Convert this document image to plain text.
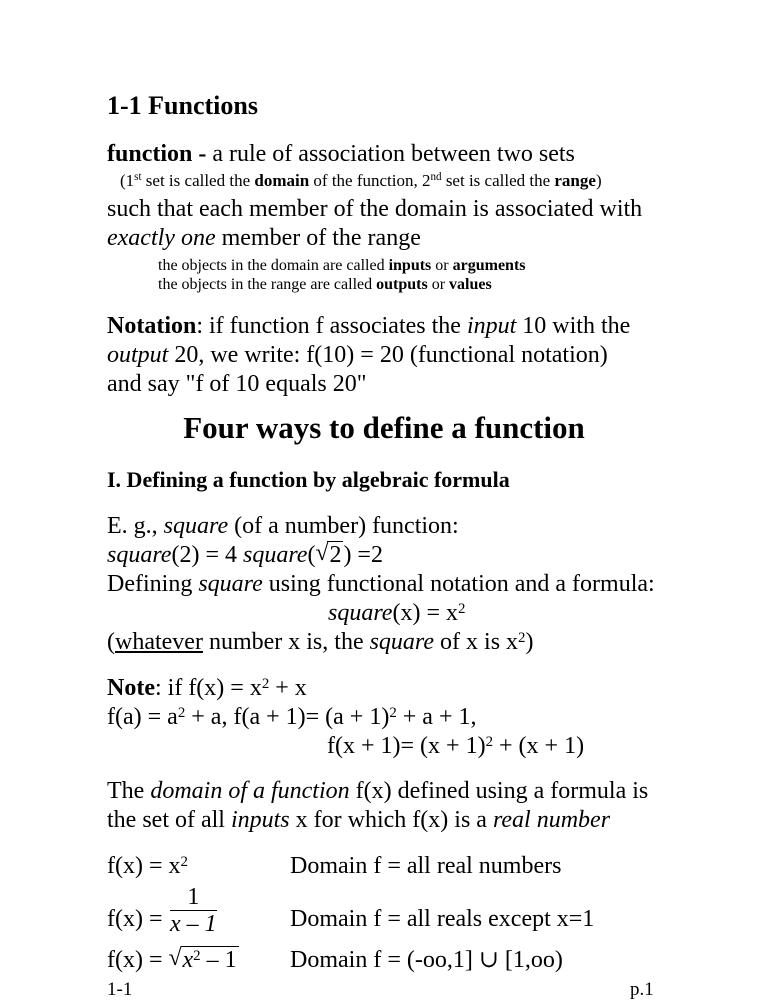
1-1 Functions
function - a rule of association between two sets
(1st set is called the domain of the function, 2nd set is called the range)
such that each member of the domain is associated with
exactly one member of the range
the objects in the domain are called inputs or arguments
the objects in the range are called outputs or values
Notation: if function f associates the input 10 with the
output 20, we write: f(10) = 20 (functional notation)
and say "f of 10 equals 20"
Four ways to define a function
I. Defining a function by algebraic formula
E. g., square (of a number) function:
square(2) = 4 square( √ 2) =2
Defining square using functional notation and a formula:
square(x) = $x^2$
(whatever number x is, the square of x is $x^2$)
Note: if $f(x) = x^2 + x$
$f(a) = a^2 + a$, $f(a + 1)= (a + 1)^2 + a + 1$,
$f(x + 1)= (x + 1)^2 + (x + 1)$
The domain of a function f(x) defined using a formula is
the set of all inputs x for which f(x) is a real number
$f(x) = x^2$	Domain f = all real numbers
$f(x) = \frac{1}{x - 1}$	Domain f = all reals except x=1
f(x) = √ $x^2 - 1$ Domain f = (-oo,1] ∪ [1,oo)
1-1	p.1
